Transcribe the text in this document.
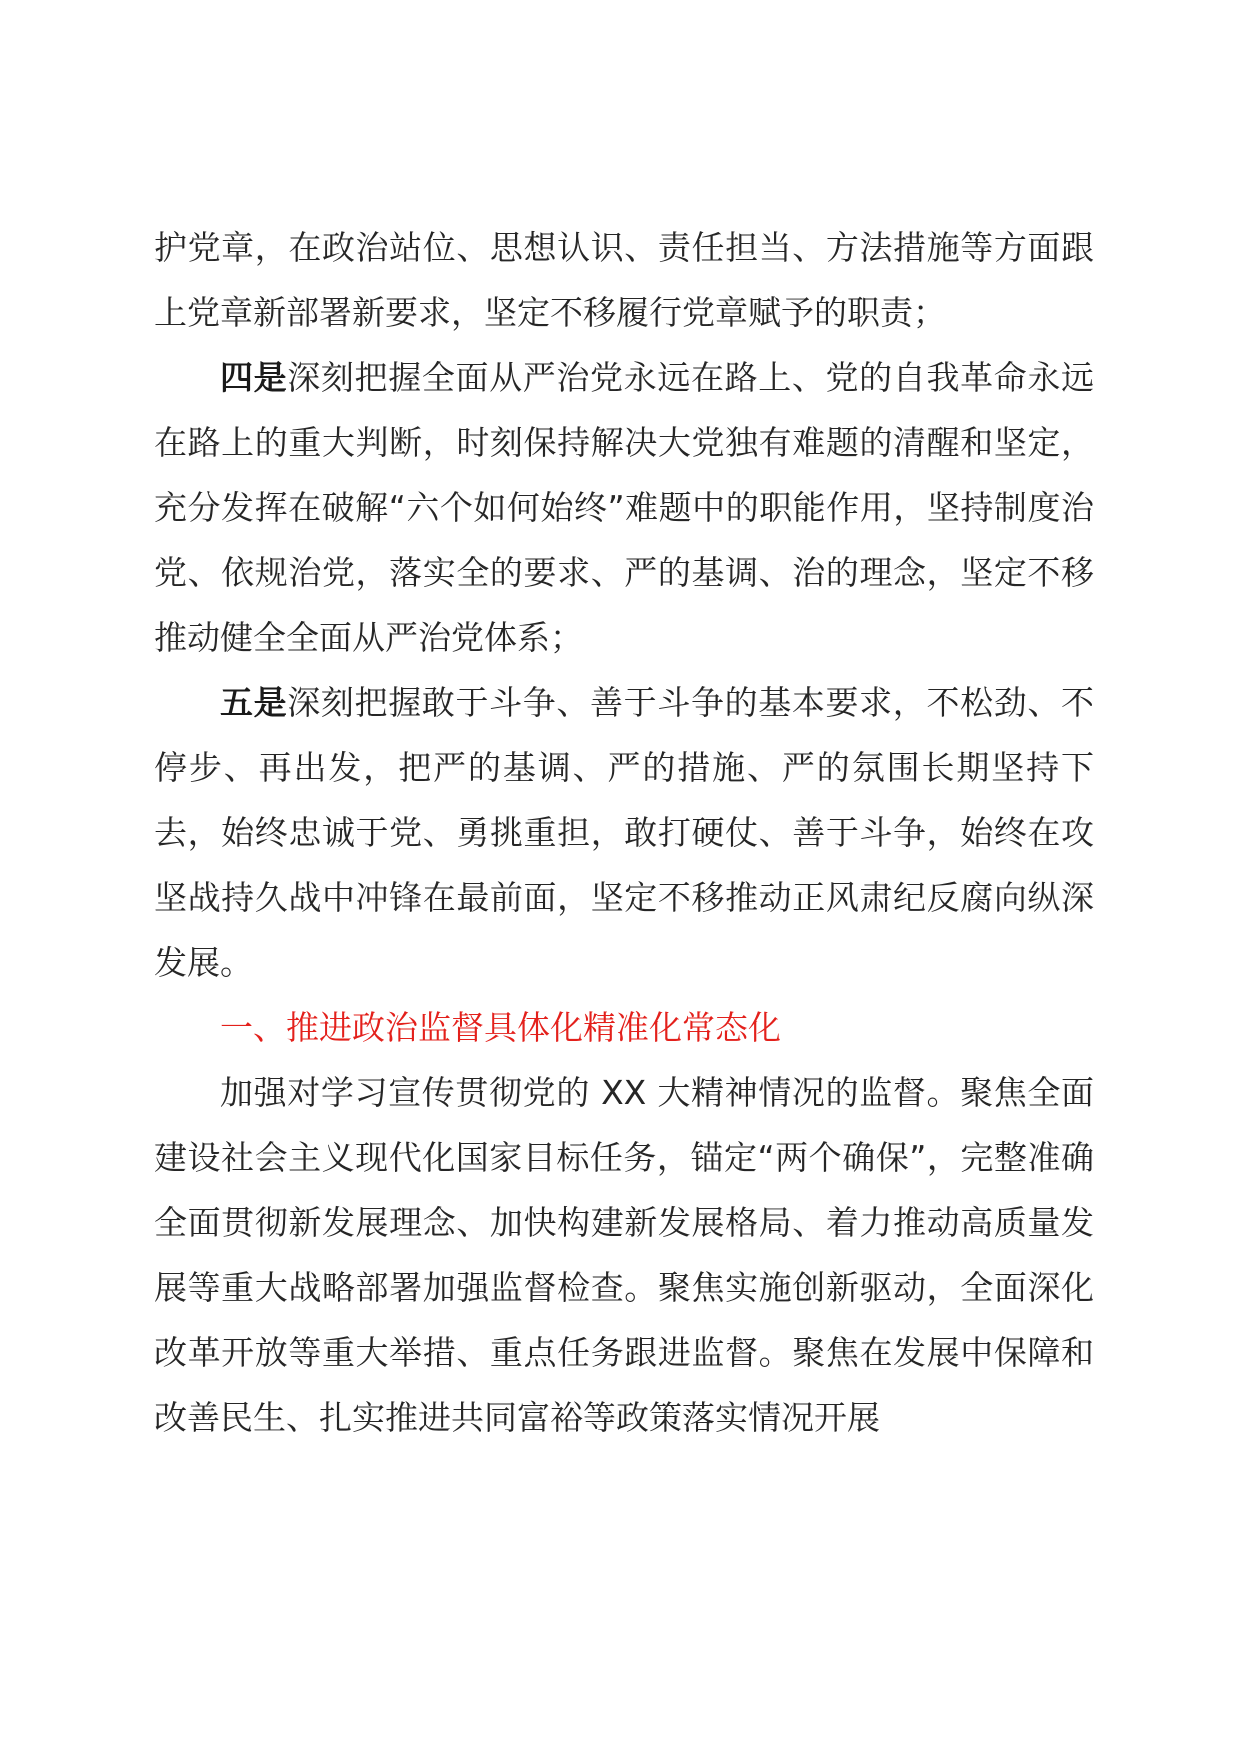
护党章，在政治站位、思想认识、责任担当、方法措施等方面跟上党章新部署新要求，坚定不移履行党章赋予的职责；

四是深刻把握全面从严治党永远在路上、党的自我革命永远在路上的重大判断，时刻保持解决大党独有难题的清醒和坚定，充分发挥在破解“六个如何始终”难题中的职能作用，坚持制度治党、依规治党，落实全的要求、严的基调、治的理念，坚定不移推动健全全面从严治党体系；

五是深刻把握敢于斗争、善于斗争的基本要求，不松劲、不停步、再出发，把严的基调、严的措施、严的氛围长期坚持下去，始终忠诚于党、勇挑重担，敢打硬仗、善于斗争，始终在攻坚战持久战中冲锋在最前面，坚定不移推动正风肃纪反腐向纵深发展。

一、推进政治监督具体化精准化常态化

加强对学习宣传贯彻党的 XX 大精神情况的监督。聚焦全面建设社会主义现代化国家目标任务，锚定“两个确保”，完整准确全面贯彻新发展理念、加快构建新发展格局、着力推动高质量发展等重大战略部署加强监督检查。聚焦实施创新驱动，全面深化改革开放等重大举措、重点任务跟进监督。聚焦在发展中保障和改善民生、扎实推进共同富裕等政策落实情况开展
